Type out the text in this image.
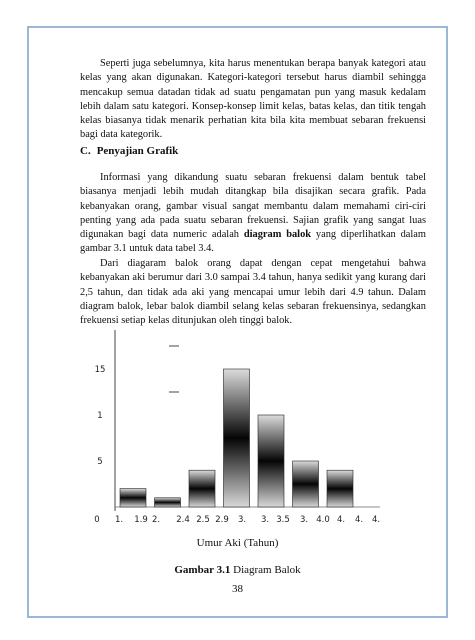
Seperti juga sebelumnya, kita harus menentukan berapa banyak kategori atau kelas yang akan digunakan. Kategori-kategori tersebut harus diambil sehingga mencakup semua datadan tidak ad suatu pengamatan pun yang masuk kedalam lebih dalam satu kategori. Konsep-konsep limit kelas, batas kelas, dan titik tengah kelas biasanya tidak menarik perhatian kita bila kita membuat sebaran frekuensi bagi data kategorik.

C. Penyajian Grafik

Informasi yang dikandung suatu sebaran frekuensi dalam bentuk tabel biasanya menjadi lebih mudah ditangkap bila disajikan secara grafik. Pada kebanyakan orang, gambar visual sangat membantu dalam memahami ciri-ciri penting yang ada pada suatu sebaran frekuensi. Sajian grafik yang sangat luas digunakan bagi data numeric adalah diagram balok yang diperlihatkan dalam gambar 3.1 untuk data tabel 3.4.

Dari diagaram balok orang dapat dengan cepat mengetahui bahwa kebanyakan aki berumur dari 3.0 sampai 3.4 tahun, hanya sedikit yang kurang dari 2,5 tahun, dan tidak ada aki yang mencapai umur lebih dari 4.9 tahun. Dalam diagram balok, lebar balok diambil selang kelas sebaran frekuensinya, sedangkan frekuensi setiap kelas ditunjukan oleh tinggi balok.

5
1
15
0 1. 1.9 2. 2.4 2.5 2.9 3. 3. 3.5 3. 4.0 4. 4. 4.
Umur Aki (Tahun)
Gambar 3.1 Diagram Balok
38
